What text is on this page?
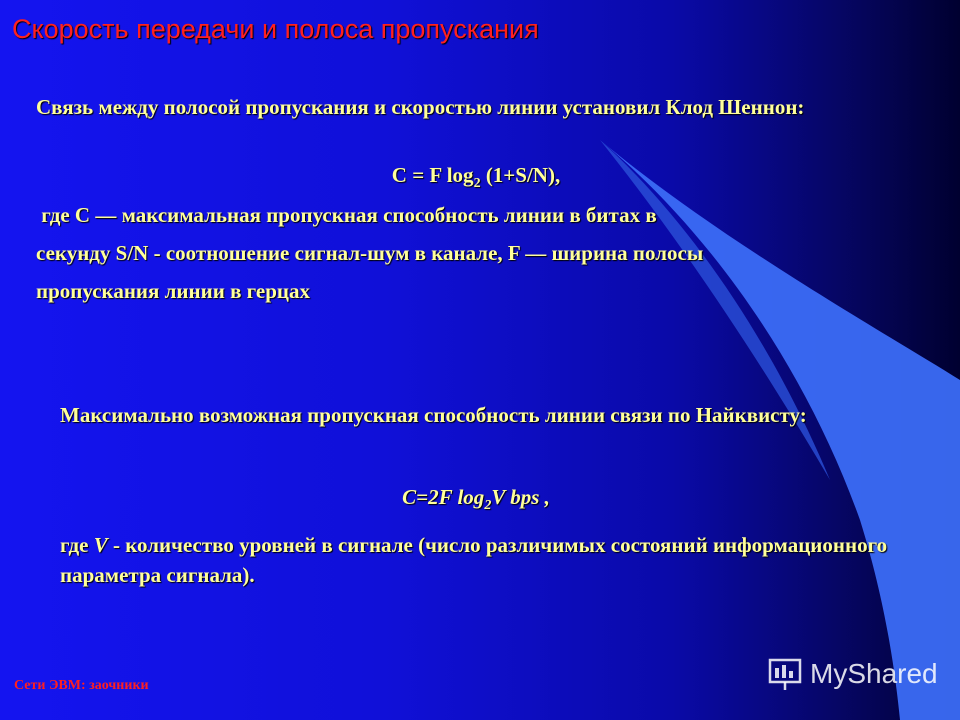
Скорость передачи и полоса пропускания
Связь между полосой пропускания и скоростью линии установил Клод Шеннон:
C = F $\log_2 (1+S/N)$,
где С –– максимальная пропускная способность линии в битах в
секунду S/N - соотношение сигнал-шум в канале, F –– ширина полосы
пропускания линии в герцах
Максимально возможная пропускная способность линии связи по Найквисту:
C=2F $\log_2V$ bps ,
где V - количество уровней в сигнале (число различимых состояний информационного параметра сигнала).
Сети ЭВМ: заочники	MyShared
